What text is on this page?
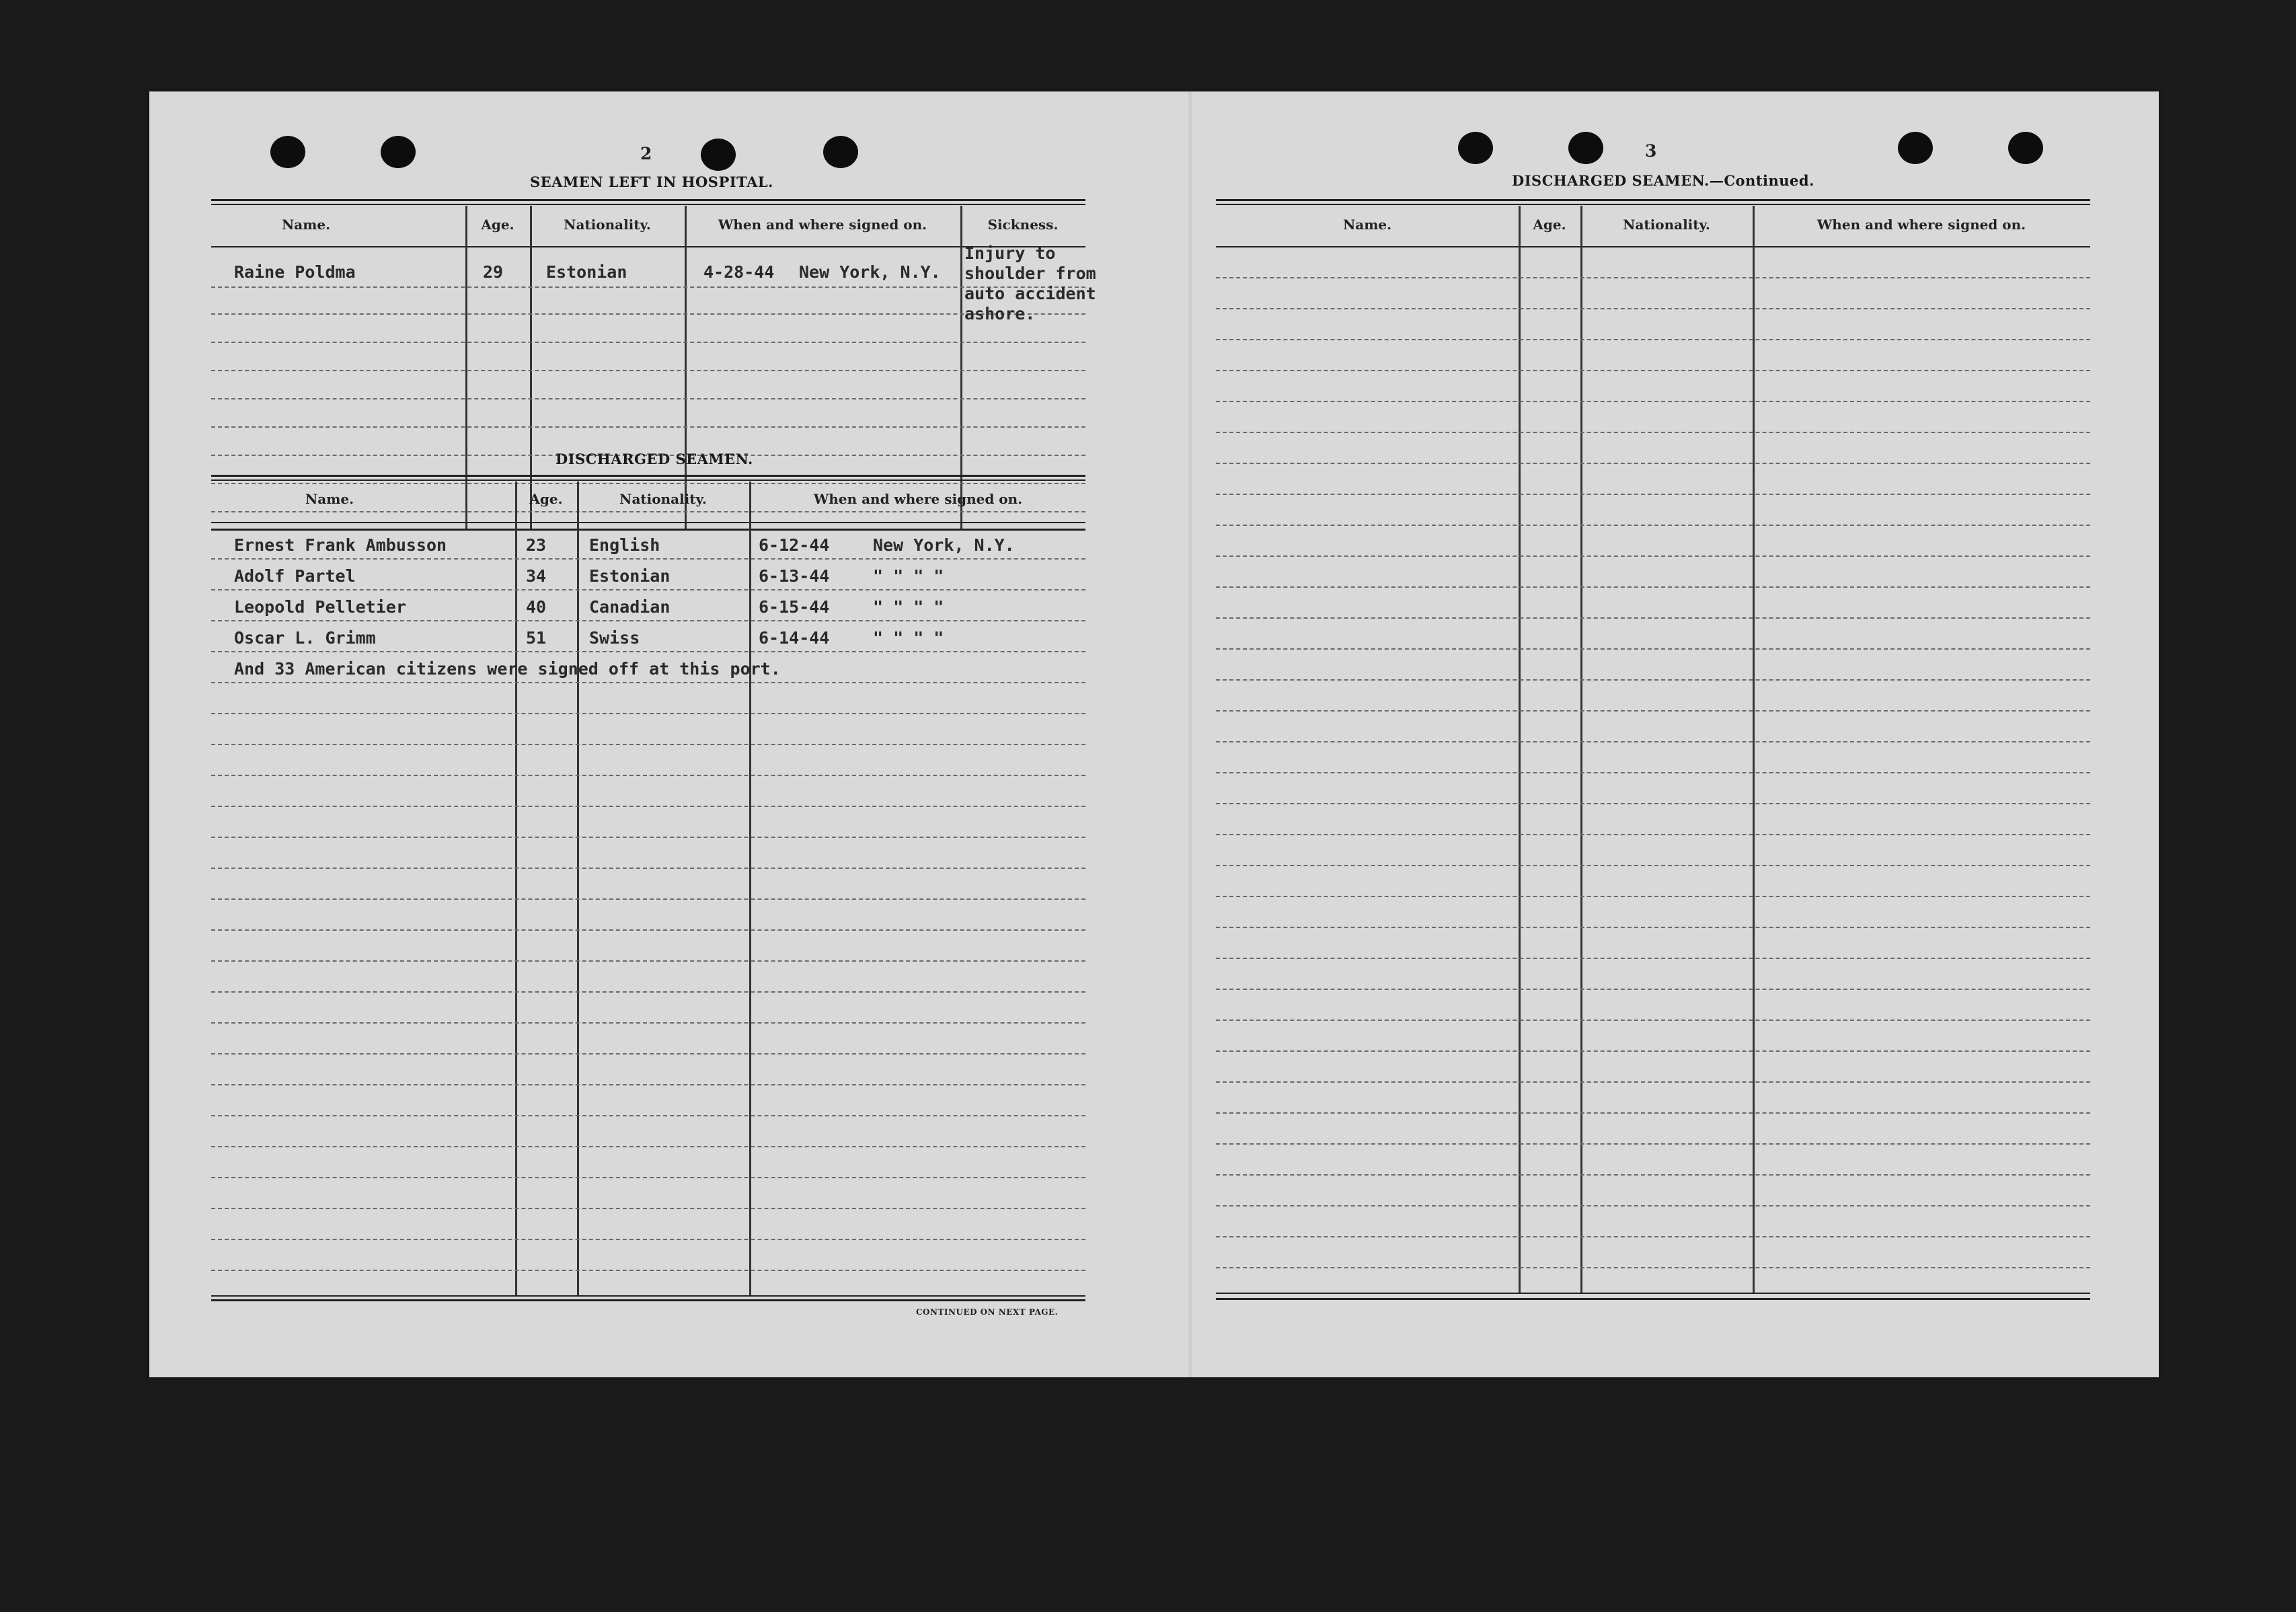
2
SEAMEN LEFT IN HOSPITAL.
Name.	Age.	Nationality.	When and where signed on.	Sickness.
Raine Poldma	29	Estonian	4-28-44 New York, N.Y.
Injury to
shoulder from
auto accident
ashore.
DISCHARGED SEAMEN.
Name.	Age.	Nationality.	When and where signed on.
Ernest Frank Ambusson	23	English	6-12-44	New York, N.Y.
Adolf Partel	34	Estonian	6-13-44	" " " "
Leopold Pelletier	40	Canadian	6-15-44	" " " "
Oscar L. Grimm	51	Swiss	6-14-44	" " " "
And 33 American citizens were signed off at this port.
CONTINUED ON NEXT PAGE.
3
DISCHARGED SEAMEN.—Continued.
Name.	Age.	Nationality.	When and where signed on.
